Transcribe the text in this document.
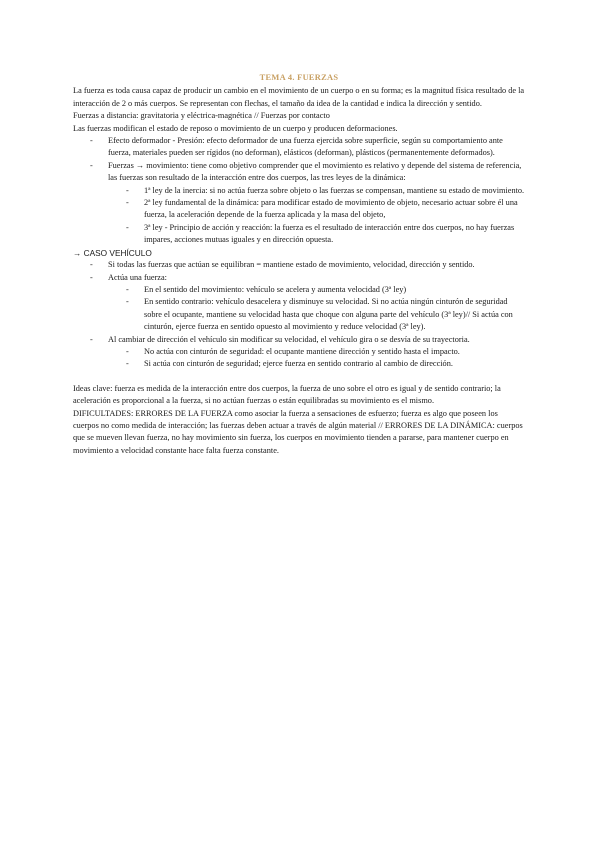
TEMA 4. FUERZAS

La fuerza es toda causa capaz de producir un cambio en el movimiento de un cuerpo o en su forma; es la magnitud física resultado de la interacción de 2 o más cuerpos. Se representan con flechas, el tamaño da idea de la cantidad e indica la dirección y sentido.

Fuerzas a distancia: gravitatoria y eléctrica-magnética // Fuerzas por contacto

Las fuerzas modifican el estado de reposo o movimiento de un cuerpo y producen deformaciones.

- Efecto deformador - Presión: efecto deformador de una fuerza ejercida sobre superficie, según su comportamiento ante fuerza, materiales pueden ser rígidos (no deforman), elásticos (deforman), plásticos (permanentemente deformados).
- Fuerzas → movimiento: tiene como objetivo comprender que el movimiento es relativo y depende del sistema de referencia, las fuerzas son resultado de la interacción entre dos cuerpos, las tres leyes de la dinámica:
- 1ª ley de la inercia: si no actúa fuerza sobre objeto o las fuerzas se compensan, mantiene su estado de movimiento.
- 2ª ley fundamental de la dinámica: para modificar estado de movimiento de objeto, necesario actuar sobre él una fuerza, la aceleración depende de la fuerza aplicada y la masa del objeto,
- 3ª ley - Principio de acción y reacción: la fuerza es el resultado de interacción entre dos cuerpos, no hay fuerzas impares, acciones mutuas iguales y en dirección opuesta.

→ CASO VEHÍCULO

- Si todas las fuerzas que actúan se equilibran = mantiene estado de movimiento, velocidad, dirección y sentido.
- Actúa una fuerza:
- En el sentido del movimiento: vehículo se acelera y aumenta velocidad (3ª ley)
- En sentido contrario: vehículo desacelera y disminuye su velocidad. Si no actúa ningún cinturón de seguridad sobre el ocupante, mantiene su velocidad hasta que choque con alguna parte del vehículo (3ª ley)// Si actúa con cinturón, ejerce fuerza en sentido opuesto al movimiento y reduce velocidad (3ª ley).
- Al cambiar de dirección el vehículo sin modificar su velocidad, el vehículo gira o se desvía de su trayectoria.
- No actúa con cinturón de seguridad: el ocupante mantiene dirección y sentido hasta el impacto.
- Si actúa con cinturón de seguridad; ejerce fuerza en sentido contrario al cambio de dirección.

Ideas clave: fuerza es medida de la interacción entre dos cuerpos, la fuerza de uno sobre el otro es igual y de sentido contrario; la aceleración es proporcional a la fuerza, si no actúan fuerzas o están equilibradas su movimiento es el mismo.

DIFICULTADES: ERRORES DE LA FUERZA como asociar la fuerza a sensaciones de esfuerzo; fuerza es algo que poseen los cuerpos no como medida de interacción; las fuerzas deben actuar a través de algún material // ERRORES DE LA DINÁMICA: cuerpos que se mueven llevan fuerza, no hay movimiento sin fuerza, los cuerpos en movimiento tienden a pararse, para mantener cuerpo en movimiento a velocidad constante hace falta fuerza constante.
